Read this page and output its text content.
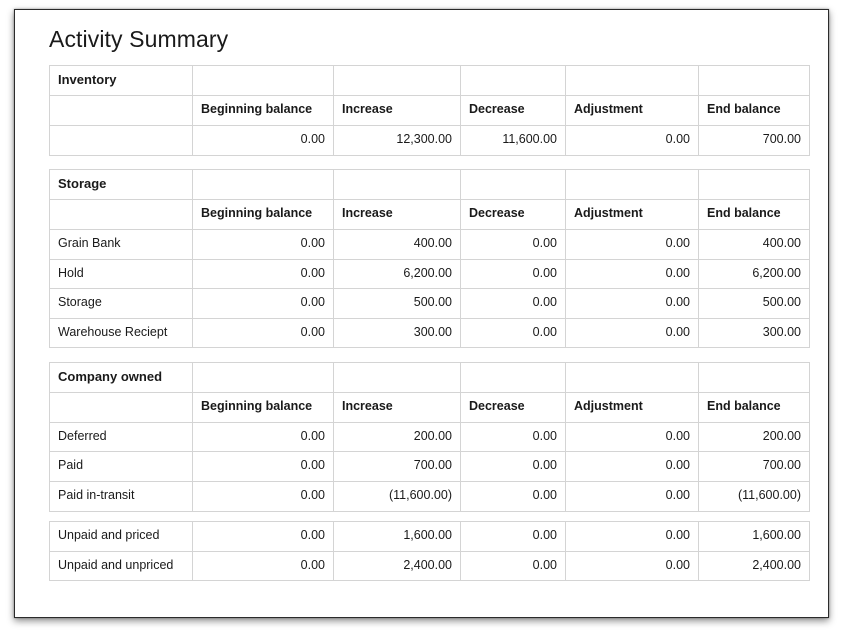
Activity Summary
Inventory					
	Beginning balance	Increase	Decrease	Adjustment	End balance
	0.00	12,300.00	11,600.00	0.00	700.00

Storage					
	Beginning balance	Increase	Decrease	Adjustment	End balance
Grain Bank	0.00	400.00	0.00	0.00	400.00
Hold	0.00	6,200.00	0.00	0.00	6,200.00
Storage	0.00	500.00	0.00	0.00	500.00
Warehouse Reciept	0.00	300.00	0.00	0.00	300.00

Company owned					
	Beginning balance	Increase	Decrease	Adjustment	End balance
Deferred	0.00	200.00	0.00	0.00	200.00
Paid	0.00	700.00	0.00	0.00	700.00
Paid in-transit	0.00	(11,600.00)	0.00	0.00	(11,600.00)

Unpaid and priced	0.00	1,600.00	0.00	0.00	1,600.00
Unpaid and unpriced	0.00	2,400.00	0.00	0.00	2,400.00
